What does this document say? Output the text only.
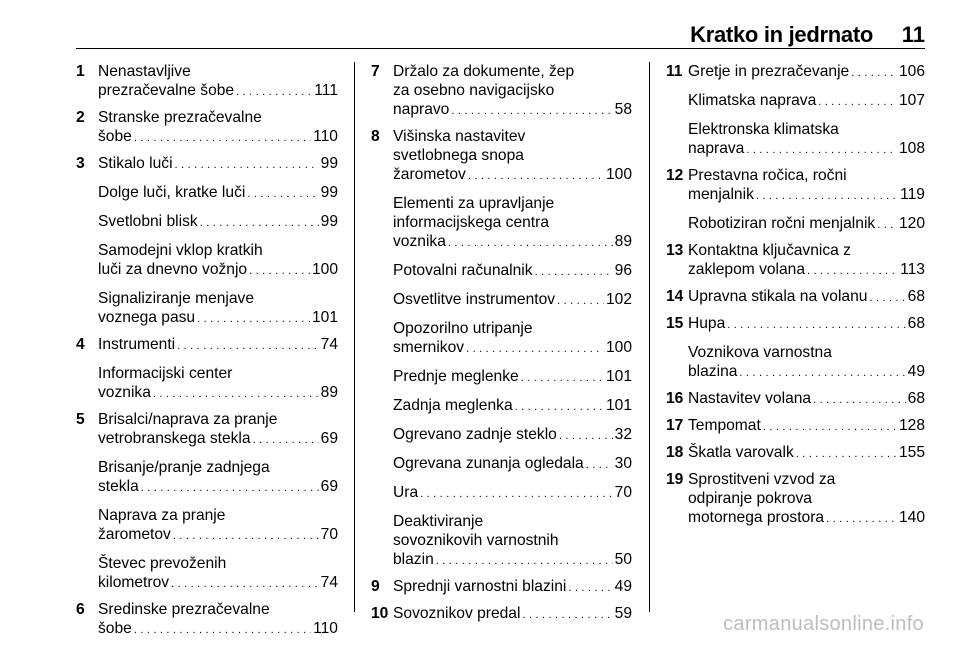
Kratko in jedrnato 11
1 Nenastavljive
prezračevalne šobe . . .	111
2 Stranske prezračevalne
šobe . . .	110
3 Stikalo luči . . .	99
Dolge luči, kratke luči . . .	99
Svetlobni blisk . . .	99
Samodejni vklop kratkih
luči za dnevno vožnjo . . .	100
Signaliziranje menjave
voznega pasu . . .	101
4 Instrumenti . . .	74
Informacijski center
voznika . . .	89
5 Brisalci/naprava za pranje
vetrobranskega stekla . . .	69
Brisanje/pranje zadnjega
stekla . . .	69
Naprava za pranje
žarometov . . .	70
Števec prevoženih
kilometrov . . .	74
6 Sredinske prezračevalne
šobe . . .	110
7 Držalo za dokumente, žep
za osebno navigacijsko
napravo . . .	58
8 Višinska nastavitev
svetlobnega snopa
žarometov . . .	100
Elementi za upravljanje
informacijskega centra
voznika . . .	89
Potovalni računalnik . . .	96
Osvetlitve instrumentov . . .	102
Opozorilno utripanje
smernikov . . .	100
Prednje meglenke . . .	101
Zadnja meglenka . . .	101
Ogrevano zadnje steklo . . .	32
Ogrevana zunanja ogledala . . . 30
Ura . . .	70
Deaktiviranje
sovoznikovih varnostnih
blazin . . .	50
9 Sprednji varnostni blazini . . .	49
10 Sovoznikov predal . . .	59
11 Gretje in prezračevanje . . .	106
Klimatska naprava . . .	107
Elektronska klimatska
naprava . . .	108
12 Prestavna ročica, ročni
menjalnik . . .	119
Robotiziran ročni menjalnik . . . 120
13 Kontaktna ključavnica z
zaklepom volana . . .	113
14 Upravna stikala na volanu . . .	68
15 Hupa . . .	68
Voznikova varnostna
blazina . . .	49
16 Nastavitev volana . . .	68
17 Tempomat . . .	128
18 Škatla varovalk . . .	155
19 Sprostitveni vzvod za
odpiranje pokrova
motornega prostora . . .	140
carmanualsonline.info
